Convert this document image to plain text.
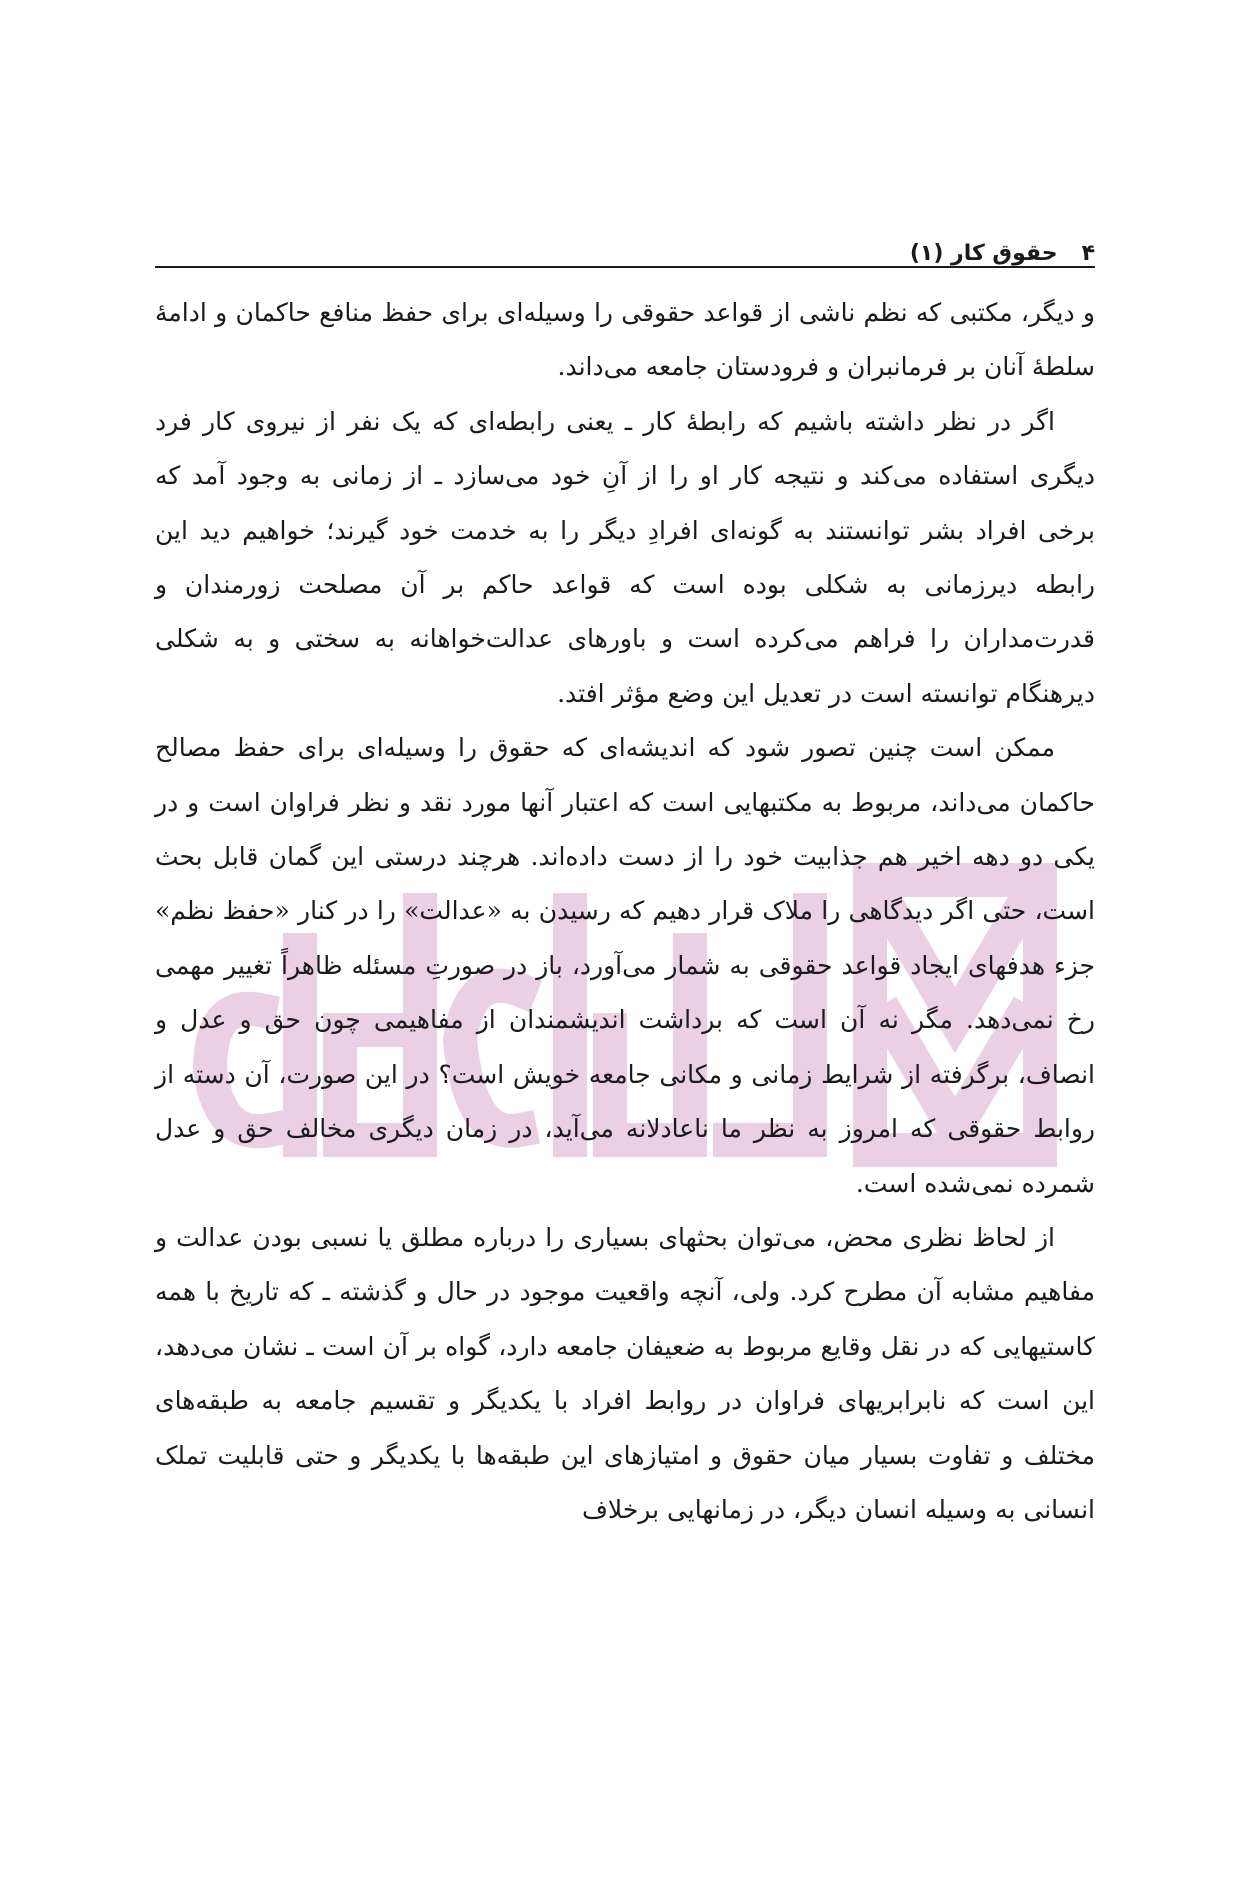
۴
حقوق کار (۱)

و دیگر، مکتبی که نظم ناشی از قواعد حقوقی را وسیله‌ای برای حفظ منافع حاکمان و ادامهٔ سلطهٔ آنان بر فرمانبران و فرودستان جامعه می‌داند.

اگر در نظر داشته باشیم که رابطهٔ کار ـ یعنی رابطه‌ای که یک نفر از نیروی کار فرد دیگری استفاده می‌کند و نتیجه کار او را از آنِ خود می‌سازد ـ از زمانی به وجود آمد که برخی افراد بشر توانستند به گونه‌ای افرادِ دیگر را به خدمت خود گیرند؛ خواهیم دید این رابطه دیرزمانی به شکلی بوده است که قواعد حاکم بر آن مصلحت زورمندان و قدرت‌مداران را فراهم می‌کرده است و باورهای عدالت‌خواهانه به سختی و به شکلی دیرهنگام توانسته است در تعدیل این وضع مؤثر افتد.

ممکن است چنین تصور شود که اندیشه‌ای که حقوق را وسیله‌ای برای حفظ مصالح حاکمان می‌داند، مربوط به مکتبهایی است که اعتبار آنها مورد نقد و نظر فراوان است و در یکی دو دهه اخیر هم جذابیت خود را از دست داده‌اند. هرچند درستی این گمان قابل بحث است، حتی اگر دیدگاهی را ملاک قرار دهیم که رسیدن به «عدالت» را در کنار «حفظ نظم» جزء هدفهای ایجاد قواعد حقوقی به شمار می‌آورد، باز در صورتِ مسئله ظاهراً تغییر مهمی رخ نمی‌دهد. مگر نه آن است که برداشت اندیشمندان از مفاهیمی چون حق و عدل و انصاف، برگرفته از شرایط زمانی و مکانی جامعه خویش است؟ در این صورت، آن دسته از روابط حقوقی که امروز به نظر ما ناعادلانه می‌آید، در زمان دیگری مخالف حق و عدل شمرده نمی‌شده است.

از لحاظ نظری محض، می‌توان بحثهای بسیاری را درباره مطلق یا نسبی بودن عدالت و مفاهیم مشابه آن مطرح کرد. ولی، آنچه واقعیت موجود در حال و گذشته ـ که تاریخ با همه کاستیهایی که در نقل وقایع مربوط به ضعیفان جامعه دارد، گواه بر آن است ـ نشان می‌دهد، این است که نابرابریهای فراوان در روابط افراد با یکدیگر و تقسیم جامعه به طبقه‌های مختلف و تفاوت بسیار میان حقوق و امتیازهای این طبقه‌ها با یکدیگر و حتی قابلیت تملک انسانی به وسیله انسان دیگر، در زمانهایی برخلاف
